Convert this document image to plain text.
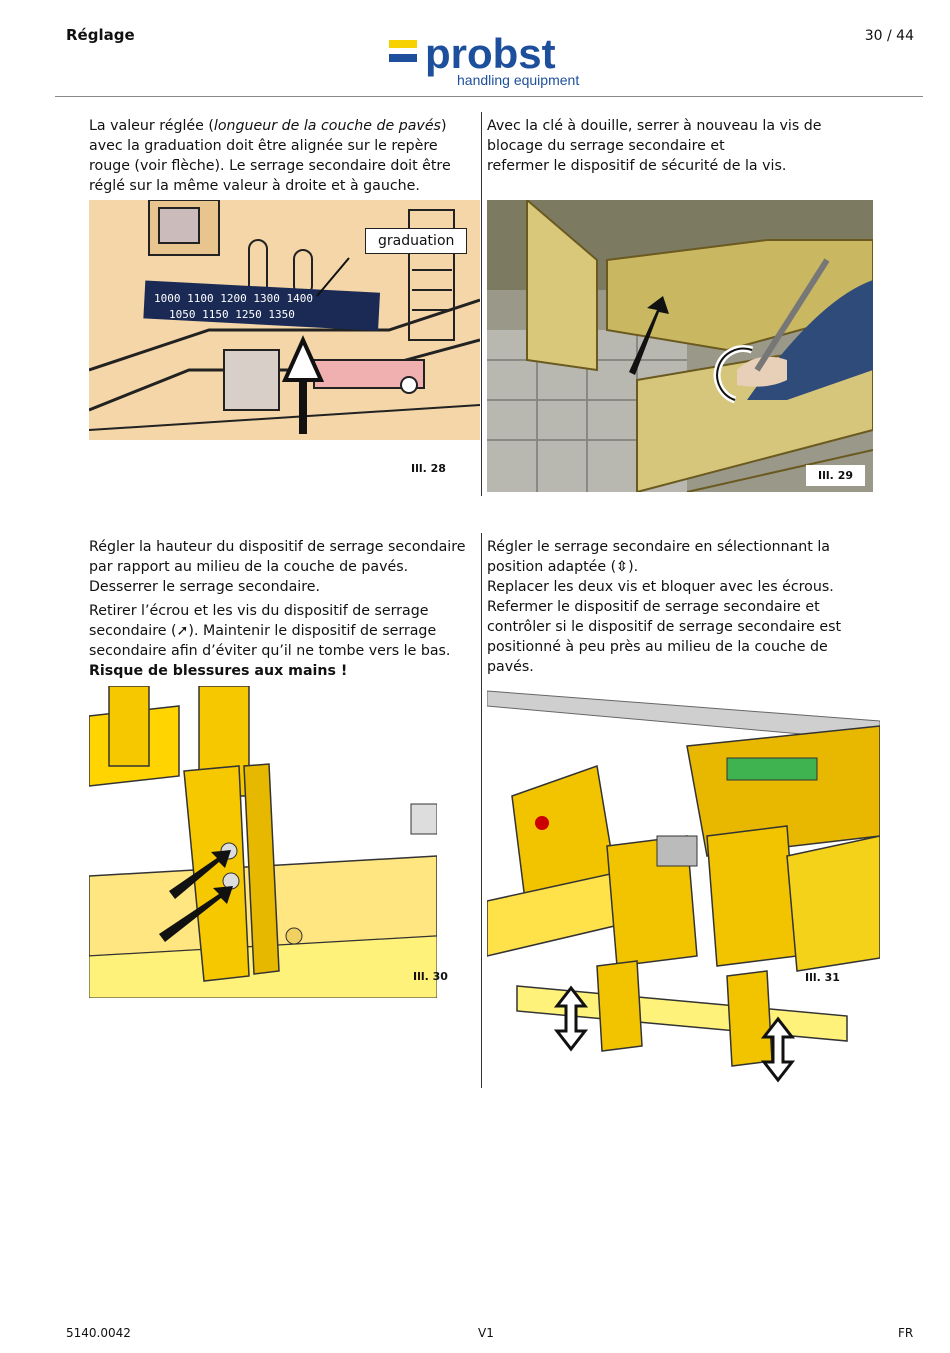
Réglage	30 / 44
probst
handling equipment
La valeur réglée (longueur de la couche de pavés) avec la graduation doit être alignée sur le repère rouge (voir flèche). Le serrage secondaire doit être réglé sur la même valeur à droite et à gauche.
1000 1100 1200 1300 1400
1050 1150 1250 1350
graduation
Ill. 28

Avec la clé à douille, serrer à nouveau la vis de blocage du serrage secondaire et

refermer le dispositif de sécurité de la vis.

Ill. 29

Régler la hauteur du dispositif de serrage secondaire par rapport au milieu de la couche de pavés. Desserrer le serrage secondaire.

Retirer l’écrou et les vis du dispositif de serrage secondaire (➚). Maintenir le dispositif de serrage secondaire afin d’éviter qu’il ne tombe vers le bas.

Risque de blessures aux mains !

Ill. 30

Régler le serrage secondaire en sélectionnant la position adaptée (⇳).

Replacer les deux vis et bloquer avec les écrous.

Refermer le dispositif de serrage secondaire et contrôler si le dispositif de serrage secondaire est positionné à peu près au milieu de la couche de pavés.

Ill. 31
5140.0042	V1	FR
